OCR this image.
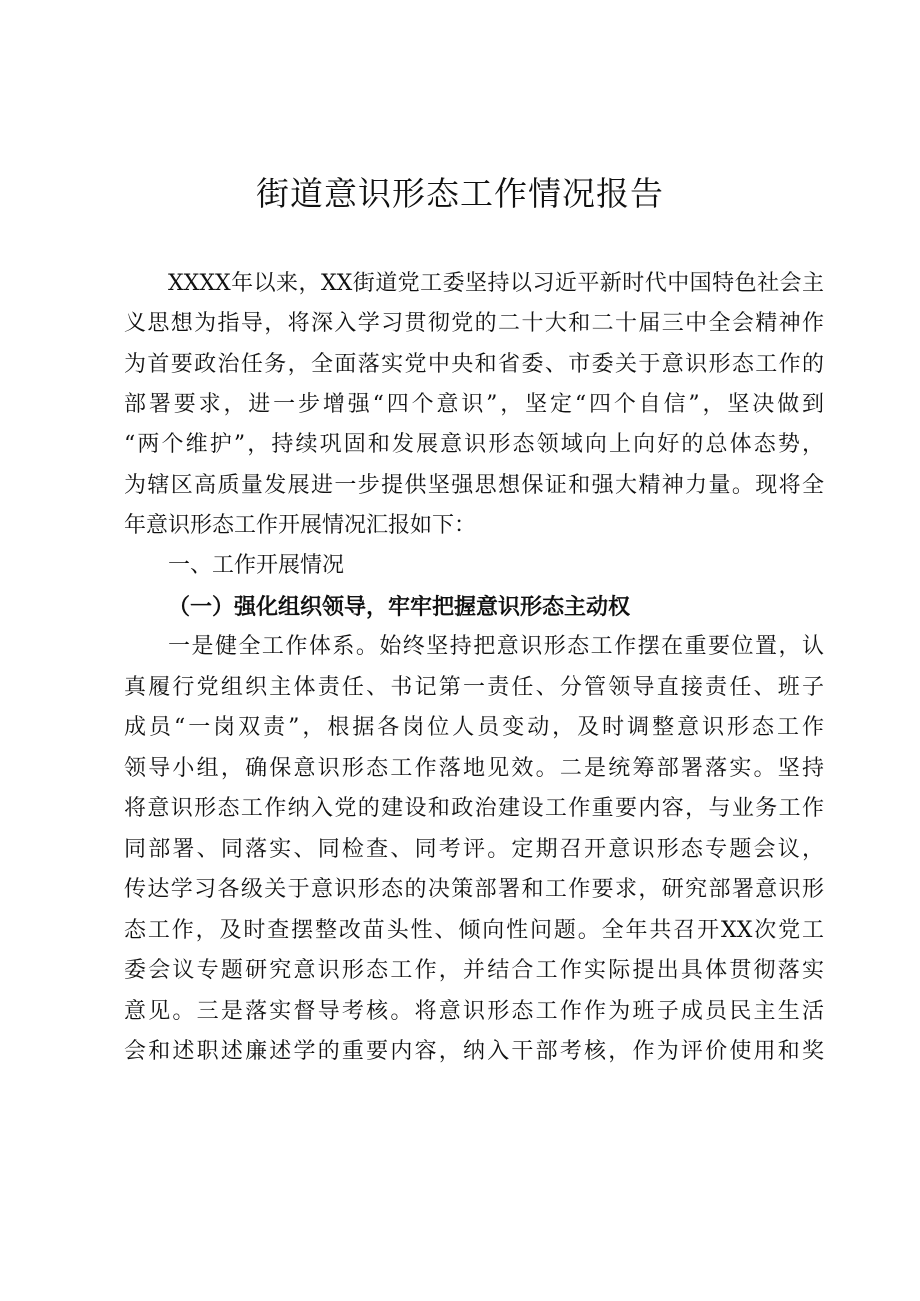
街道意识形态工作情况报告
XXXX年以来，XX街道党工委坚持以习近平新时代中国特色社会主
义思想为指导，将深入学习贯彻党的二十大和二十届三中全会精神作
为首要政治任务，全面落实党中央和省委、市委关于意识形态工作的
部署要求，进一步增强“四个意识”，坚定“四个自信”，坚决做到
“两个维护”，持续巩固和发展意识形态领域向上向好的总体态势，
为辖区高质量发展进一步提供坚强思想保证和强大精神力量。现将全
年意识形态工作开展情况汇报如下：
一、工作开展情况
（一）强化组织领导，牢牢把握意识形态主动权
一是健全工作体系。始终坚持把意识形态工作摆在重要位置，认
真履行党组织主体责任、书记第一责任、分管领导直接责任、班子
成员“一岗双责”，根据各岗位人员变动，及时调整意识形态工作
领导小组，确保意识形态工作落地见效。二是统筹部署落实。坚持
将意识形态工作纳入党的建设和政治建设工作重要内容，与业务工作
同部署、同落实、同检查、同考评。定期召开意识形态专题会议，
传达学习各级关于意识形态的决策部署和工作要求，研究部署意识形
态工作，及时查摆整改苗头性、倾向性问题。全年共召开XX次党工
委会议专题研究意识形态工作，并结合工作实际提出具体贯彻落实
意见。三是落实督导考核。将意识形态工作作为班子成员民主生活
会和述职述廉述学的重要内容，纳入干部考核，作为评价使用和奖
